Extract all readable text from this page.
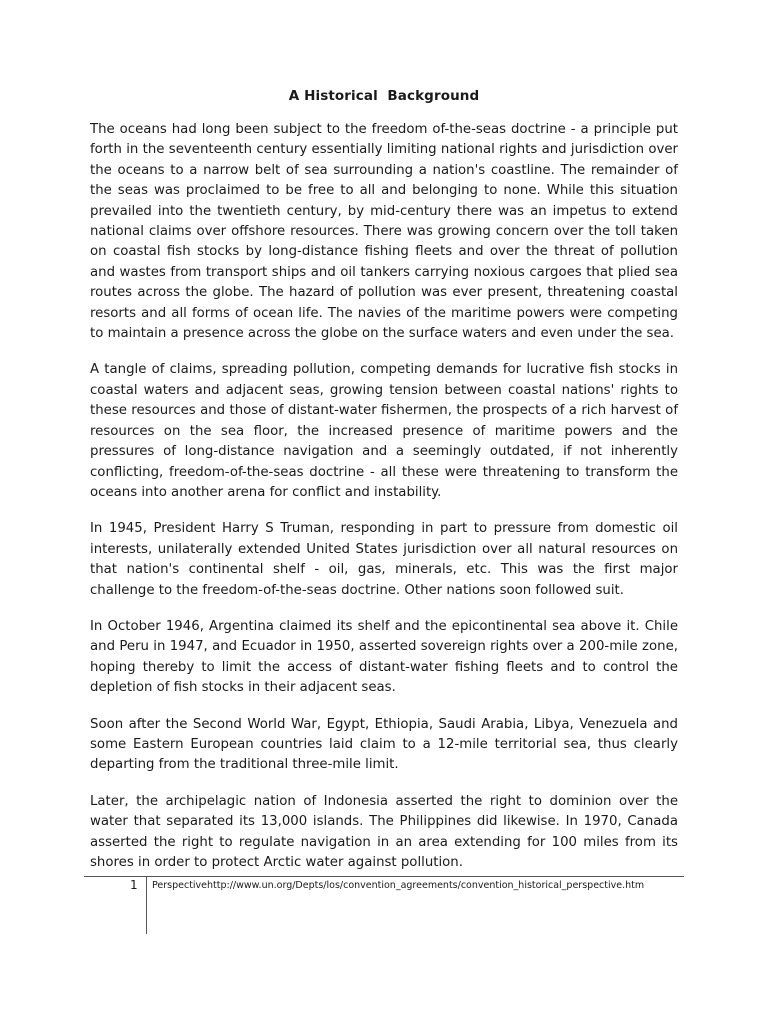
A Historical  Background

The oceans had long been subject to the freedom of-the-seas doctrine - a principle put forth in the seventeenth century essentially limiting national rights and jurisdiction over the oceans to a narrow belt of sea surrounding a nation's coastline. The remainder of the seas was proclaimed to be free to all and belonging to none. While this situation prevailed into the twentieth century, by mid-century there was an impetus to extend national claims over offshore resources. There was growing concern over the toll taken on coastal fish stocks by long-distance fishing fleets and over the threat of pollution and wastes from transport ships and oil tankers carrying noxious cargoes that plied sea routes across the globe. The hazard of pollution was ever present, threatening coastal resorts and all forms of ocean life. The navies of the maritime powers were competing to maintain a presence across the globe on the surface waters and even under the sea.

A tangle of claims, spreading pollution, competing demands for lucrative fish stocks in coastal waters and adjacent seas, growing tension between coastal nations' rights to these resources and those of distant-water fishermen, the prospects of a rich harvest of resources on the sea floor, the increased presence of maritime powers and the pressures of long-distance navigation and a seemingly outdated, if not inherently conflicting, freedom-of-the-seas doctrine - all these were threatening to transform the oceans into another arena for conflict and instability.

In 1945, President Harry S Truman, responding in part to pressure from domestic oil interests, unilaterally extended United States jurisdiction over all natural resources on that nation's continental shelf - oil, gas, minerals, etc. This was the first major challenge to the freedom-of-the-seas doctrine. Other nations soon followed suit.

In October 1946, Argentina claimed its shelf and the epicontinental sea above it. Chile and Peru in 1947, and Ecuador in 1950, asserted sovereign rights over a 200-mile zone, hoping thereby to limit the access of distant-water fishing fleets and to control the depletion of fish stocks in their adjacent seas.

Soon after the Second World War, Egypt, Ethiopia, Saudi Arabia, Libya, Venezuela and some Eastern European countries laid claim to a 12-mile territorial sea, thus clearly departing from the traditional three-mile limit.

Later, the archipelagic nation of Indonesia asserted the right to dominion over the water that separated its 13,000 islands. The Philippines did likewise. In 1970, Canada asserted the right to regulate navigation in an area extending for 100 miles from its shores in order to protect Arctic water against pollution.

1 Perspectivehttp://www.un.org/Depts/los/convention_agreements/convention_historical_perspective.htm
